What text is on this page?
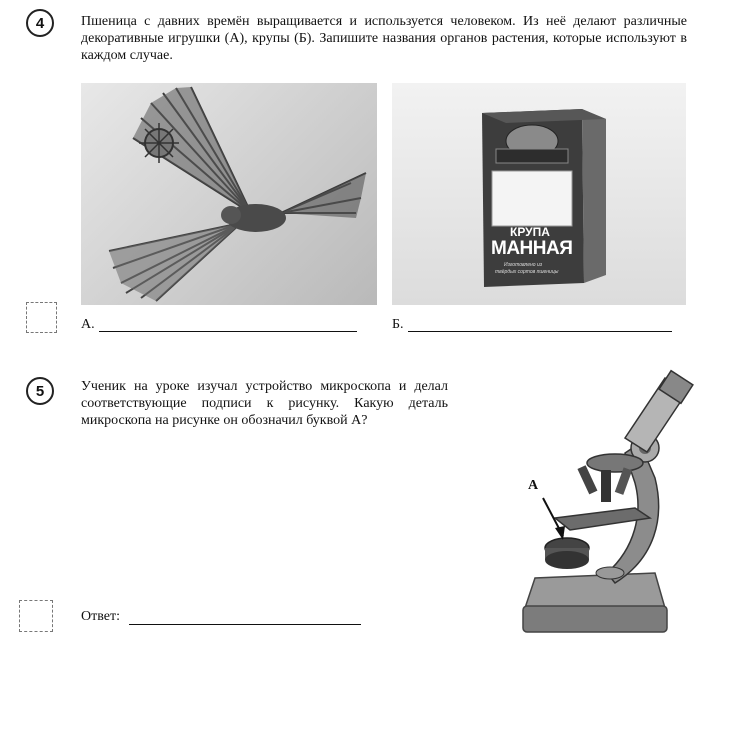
4	Пшеница с давних времён выращивается и используется человеком. Из неё делают различные декоративные игрушки (А), крупы (Б). Запишите названия органов растения, которые используют в каждом случае.
КРУПА
МАННАЯ
Изготовлено из
твёрдых сортов пшеницы
А.	Б.
5	Ученик на уроке изучал устройство микроскопа и делал соответствующие подписи к рисунку. Какую деталь микроскопа на рисунке он обозначил буквой А?
А
Ответ:
